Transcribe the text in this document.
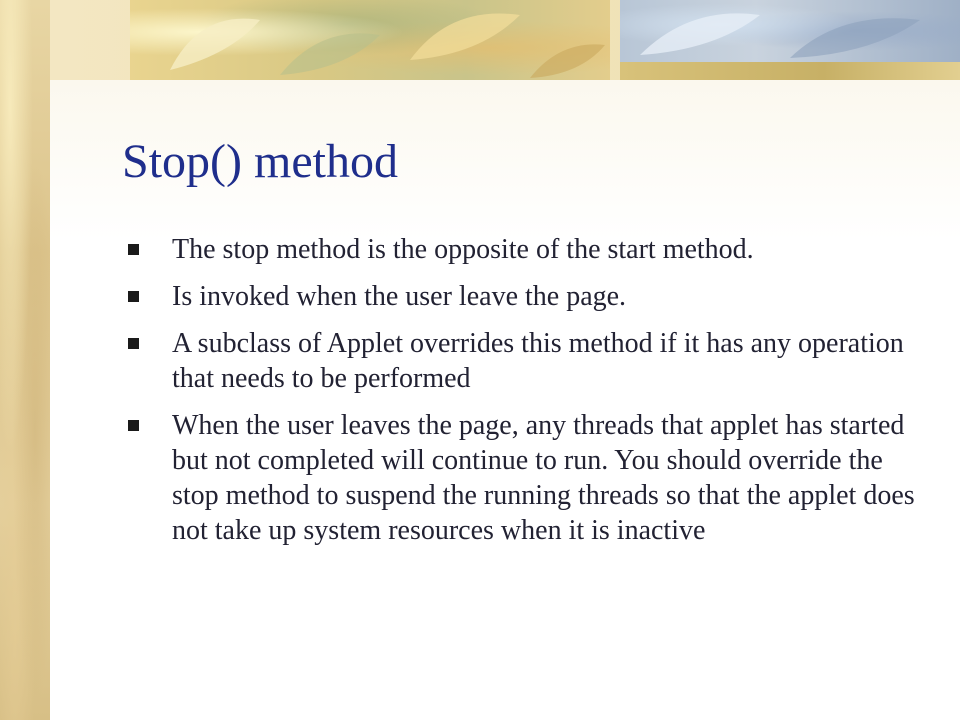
Stop() method
The stop method is the opposite of the start method.
Is invoked when the user leave the page.
A subclass of Applet overrides this method if it has any operation that needs to be performed
When the user leaves the page, any threads that applet has started but not completed will continue to run. You should override the stop method to suspend the running threads so that the applet does not take up system resources when it is inactive
